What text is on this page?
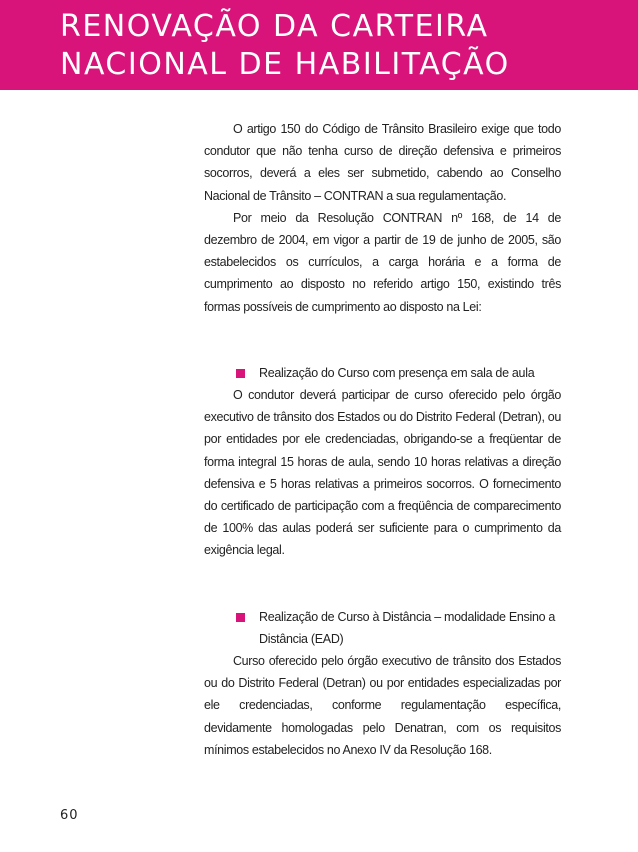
RENOVAÇÃO DA CARTEIRA
NACIONAL DE HABILITAÇÃO

O artigo 150 do Código de Trânsito Brasileiro exige que todo condutor que não tenha curso de direção defensiva e primeiros socorros, deverá a eles ser submetido, cabendo ao Conselho Nacional de Trânsito – CONTRAN a sua regulamentação.

Por meio da Resolução CONTRAN nº 168, de 14 de dezembro de 2004, em vigor a partir de 19 de junho de 2005, são estabelecidos os currículos, a carga horária e a forma de cumprimento ao disposto no referido artigo 150, existindo três formas possíveis de cumprimento ao disposto na Lei:

Realização do Curso com presença em sala de aula

O condutor deverá participar de curso oferecido pelo órgão executivo de trânsito dos Estados ou do Distrito Federal (Detran), ou por entidades por ele credenciadas, obrigando-se a freqüentar de forma integral 15 horas de aula, sendo 10 horas relativas a direção defensiva e 5 horas relativas a primeiros socorros. O fornecimento do certificado de participação com a freqüência de comparecimento de 100% das aulas poderá ser suficiente para o cumprimento da exigência legal.

Realização de Curso à Distância – modalidade Ensino a Distância (EAD)

Curso oferecido pelo órgão executivo de trânsito dos Estados ou do Distrito Federal (Detran) ou por entidades especializadas por ele credenciadas, conforme regulamentação específica, devidamente homologadas pelo Denatran, com os requisitos mínimos estabelecidos no Anexo IV da Resolução 168.

60
